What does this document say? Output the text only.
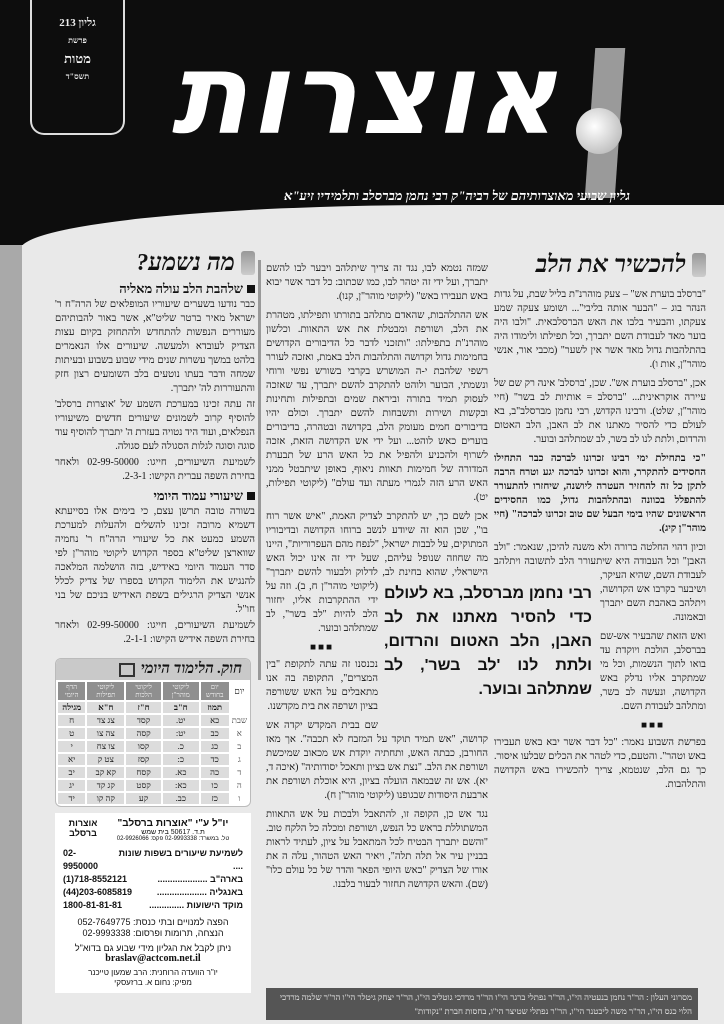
גליון 213
פרשת
מטות
תשס"ד אוצרות
גליון שבועי מאוצרותיהם של רביה"ק רבי נחמן מברסלב ותלמידיו זיע"א

שמזה נטמא לבו, נגד זה צריך שיתלהב ויבער לבו להשם יתברך, ועל ידי זה יטהר לבו, כמו שכתוב: כל דבר אשר יבוא באש תעבירו באש" (ליקוטי מוהר"ן, קנו).

אש ההתלהבות, שהאדם מתלהב בתורתו ותפילתו, מטהרת את הלב, ושורפת ומבטלת את אש התאוות. וכלשון מוהרנ"ת בתפילתו: "ותזכני לדבר כל הדיבורים הקדושים בחמימות גדול וקדושה והתלהבות הלב באמת, ואזכה לעורר רשפי שלהבת י-ה המושרש בקרבי בשורש נפשי ורוחי ונשמתי, הבוער ולוהט להתקרב להשם יתברך, עד שאזכה לעסוק תמיד בתורה וביראת שמים ובתפילות ותחינות ובקשות ושירות ותשבחות להשם יתברך. וכולם יהיו בדיבורים חמים מעומק הלב, בקדושה ובטהרה, בדיבורים בוערים כאש לוהט... ועל ידי אש הקדושה הזאת, אזכה לשרוף ולהכניע ולהפיל את כל האש הרע של תבערת המדורה של חמימות תאוות ניאוף, באופן שיתבטל ממני האש הרע הזה לגמרי מעתה ועד עולם" (ליקוטי תפילות, יט).

אכן לשם כך, יש להתקרב לצדיק האמת, "איש אשר רוח בו", שכן הוא זה שיודע לנשב ברוחו הקדושה ובדיבוריו המתוקים, על לבבות ישראל, "לנפח מהם העפרוריות", היינו מה שחוזה שנופל עליהם, שעל ידי זה אינו יכול האש הישראלי, שהוא בחינת לב, לדלוק ולבעור להשם יתברך" (ליקוטי מוהר"ן ח, ב). וזה על ידי ההתקרבות אליו, יחזור הלב להיות "לב בשר", לב שמתלהב ובוער.

■■■

נכנסנו זה עתה לתקופת "בין המצרים", התקופה בה אנו מתאבלים על האש ששורפה בציון ושרפה את בית מקדשנו.

שם בבית המקדש יקדה אש קדושה, "אש תמיד תוקד על המזבח לא תכבה". אך מאז החורבן, כבתה האש, ותחתיה יוקדת אש מכאוב שמיכשת ושורפת את הלב. "נצת אש בציון ותאכל יסודותיה" (איכה ד, יא). אש זה שבמאה הועלה בציון, היא אוכלת ושורפת את ארבעת היסודות שבגופנו (ליקוטי מוהר"ן ח).

נגד אש כן, הקופה זו, להתאבל ולבכות על אש התאוות המשתוללת בראש כל הנפש, ושורפת ומכלה כל הלקח טוב. "והשם יתברך הבטיח לכל המתאבל על ציון, לעתיד לראות בבניין עיר אל תלה תלה", ויאיר האש הטהור, עלה ה את אורו של הצדיק "כאש היופי הפאר והדר של כל עולם כלו" (שם). והאש הקדושה תחזור לבעור בלבנו.

להכשיר את הלב

"ברסלב בוערת אש" – צעק מוהרנ"ת בליל שבת, על גדות הנהר בוג – "הבער אותה בליבי"... ושומע צעקה שמע צעקתו, והבעיר בלבו את האש הברסלבאית. "ולבו היה בוער מאד לעבודת השם יתברך, וכל תפילתו ולימודו היה בהתלהבות גדול מאד אשר אין לשער" (מכבי אור, אנשי מוהר"ן, אות ו).

אכן, "ברסלב בוערת אש". שכן, 'ברסלב' אינה רק שם של עיירה אוקראינית... "ברסלב = אותיות לב בשר" (חיי מוהר"ן, שלט). ורבינו הקדוש, רבי נחמן מברסלב"ב, בא לעולם כדי להסיר מאתנו את לב האבן, הלב האטום והרדום, ולתת לנו לב בשר, לב שמתלהב ובוער.

"כי בתחילת ימי רבינו זכרונו לברכה כבר התחילו החסידים להתקרר, והוא זכרונו לברכה יגע וטרח הרבה לתקן כל זה להחזיר העטרה ליושנה, שיחזרו להתעורר להתפלל בכוונה ובהתלהבות גדול, כמו החסידים הראשונים שהיו בימי הבעל שם טוב זכרונו לברכה" (חיי מוהר"ן קיג).

וכיון דהוי החלטה ברורה ולא משנה להיכן, שנאמר: "ולב האבן" וכל העבודה היא שיתעורר הלב לתשובה ויתלהב לעבודת השם, שהיא העיקר, ושיבער בקרבו אש הקדושה, ויתלהב באהבת השם יתברך ובאמונה.

ואש הזאת שהבעיר אש-שם בברסלב, הולכת ויוקדת עד בואו לתוך הנשמות, וכל מי שמתקרב אליו נדלק באש הקדושה, ונעשה לב בשר, ומתלהב לעבודת השם.

■■■

בפרשת השבוע נאמר: "כל דבר אשר יבא באש תעבירו באש וטהר". והטעם, כדי לטהר את הכלים שבלעו איסור. כך גם הלב, שנטמא, צריך להכשירו באש הקדושה והתלהבות.

מסרוני העלון : הר"ר נחמן בנעטיה הי"ו, הר"ר נפתלי ברגר הי"ו הר"ר מרדכי גוטליב הי"ו, הר"ר יצחק גיטלר הי"ו הר"ר שלמה מרדכי הלוי כגס הי"ו, הר"ר משה ליכטנר הי"ו, הר"ר נפתלי שטיצר הי"ו, בחסות חברת "נקודות"
רבי נחמן מברסלב, בא לעולם כדי להסיר מאתנו את לב האבן, הלב האטום והרדום, ולתת לנו 'לב בשר', לב שמתלהב ובוער.
מה נשמע?
שלהבת הלב עולה מאליה

כבר נודעו בשערים שיעוריו המופלאים של הרה"ח ר' ישראל מאיר ברטר שליט"א, אשר באור להבותיהם מעוררים הנפשות להתחדש ולהתחזק בקיום עצות הצדיק לעובדא ולמעשה. שיעורים אלו הנאמרים בלהט במשך עשרות שנים מידי שבוע בשבוע ובעיתות שמחה ודבר בעתו נוטעים בלב השומעים רצון חזק והתעוררות לה' יתברך.

זה עתה זכינו במערכת השמע של 'אוצרות ברסלב' להוסיף קרוב לשמונים שיעורים חדשים משיעוריו הנפלאים, ועוד היד נטויה בעזרת ה' יתברך להוסיף עוד סוגה וסוגה לגלות הסגולה לעם סגולה.

לשמיעת השיעורים, חייגו: 02-99-50000 ולאחר בחירת השפה עברית הקישו: 2-3-1.

שיעורי עמוד היומי

בשורה טובה תרשן עצם, כי בימים אלו בסייעתא דשמיא מרובה זכינו להשלים ולהעלות למערכת השמע כמעט את כל שיעורי הרה"ח ר' נחמיה שווארצן שליט"א בספר הקדוש ליקוטי מוהר"ן לפי סדר העמוד היומי באידיש, בזה הושלמה המלאכה להנגיש את הלימוד הקדוש בספרו של צדיק לכלל אנשי הצדיק הרגילים בשפת האידיש בניכם של בני חו"ל.

לשמיעת השיעורים, חייגו: 02-99-50000 ולאחר בחירת השפה אידיש הקישו: 2-1-1.

חוק. הלימוד היומי
יום	יום בחודש	ליקוטי מוהר"ן	ליקוטי הלכות	ליקוטי תפילות	הדף היומי
	תמוז	ח"ב	ח"ז	ח"א	מגילה
שבת	כא	יט.	קסד	צג צד	ח
א	כב	יט:	קסה	צה צו	ט
ב	כג	כ.	קסו	צו צח	י
ג	כד	כ:	קסז	צט ק	יא
ד	כה	כא.	קסח	קא קב	יב
ה	כו	כא:	קסט	קג קד	יג
ו	כז	כב.	קע	קה קו	יד
יו"ל ע"י "אוצרות ברסלב"
ת.ד. 50617 בית שמש
טל. במשרד: 02-9993338 פקס: 02-9926066
אוצרות ברסלב
לשמיעת שיעורים בשפות שונות ....
02-9950000
בארה"ב ....................
(1)718-8552121
באנגליה ....................
(44)203-6085819
מוקד הישועות ..............
1800-81-81-81
הפצה למנויים ובתי כנסת: 052-7649775
הנצחה, תרומות ופרסום: 02-9993338
ניתן לקבל את הגליון מידי שבוע גם בדוא"ל
braslav@actcom.net.il
יו"ר הוועדה הרוחנית: הרב שמעון טייכנר
מפיק: נחום א. ברזעסקי
